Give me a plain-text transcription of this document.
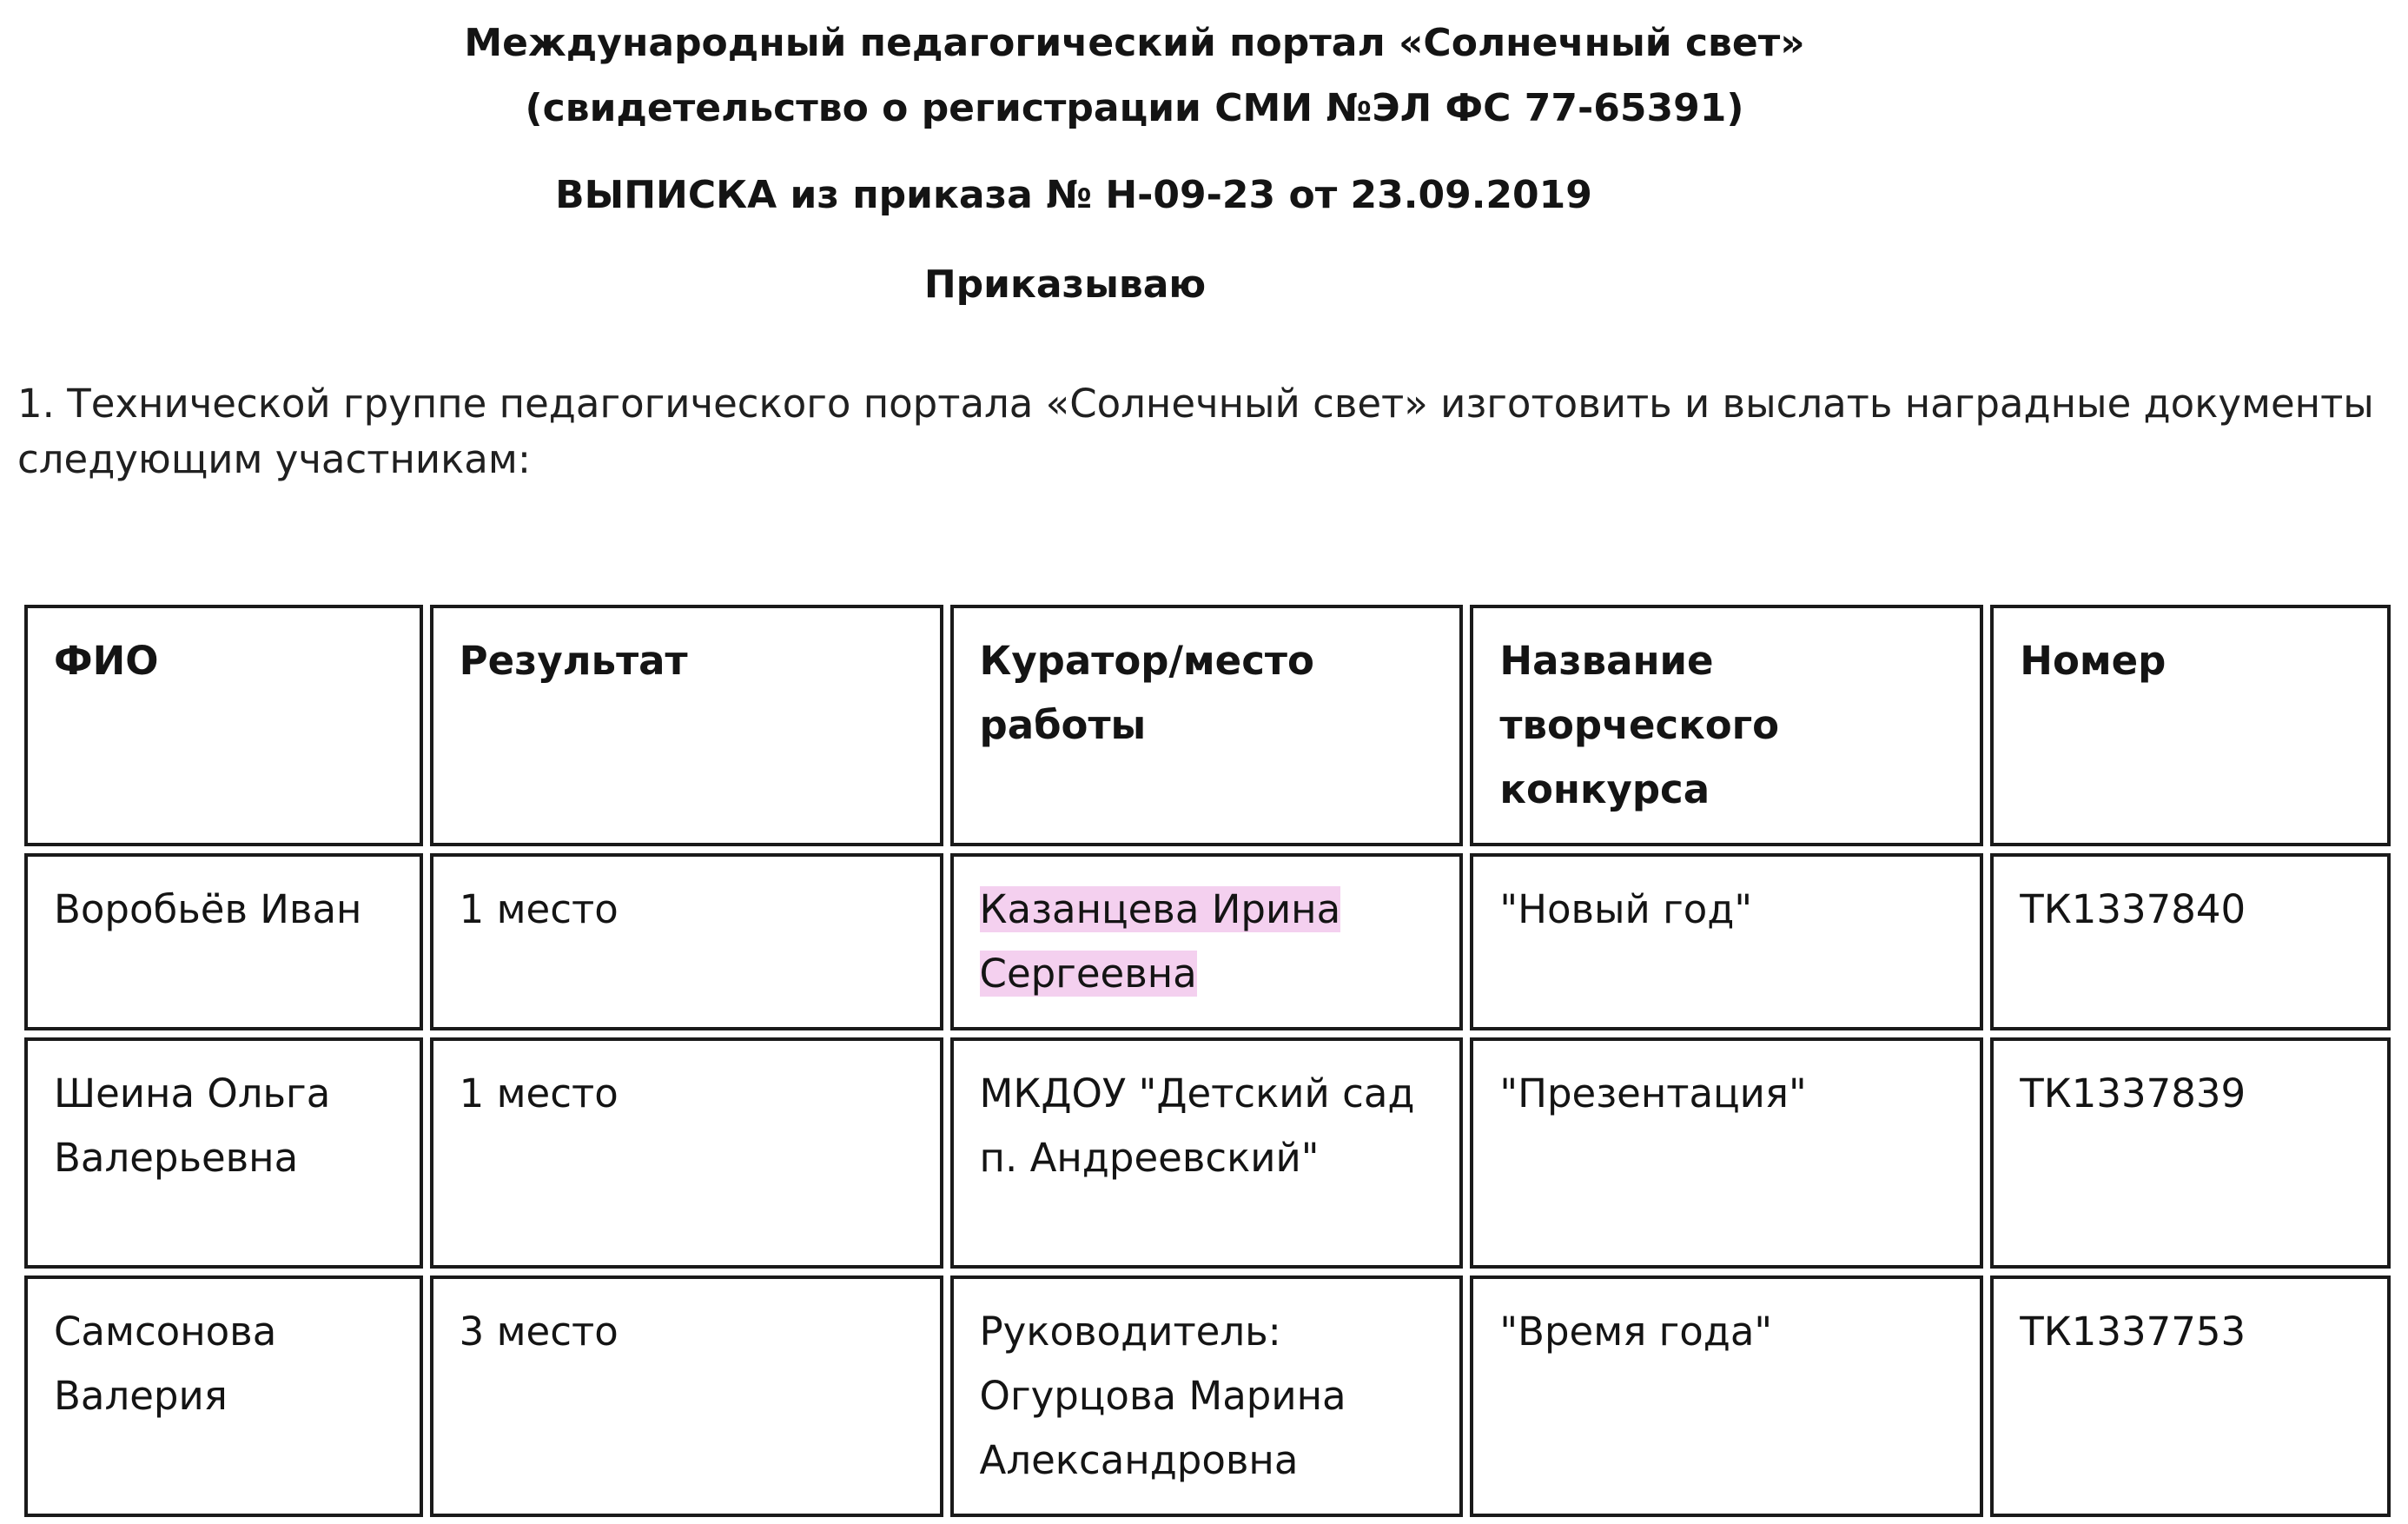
Международный педагогический портал «Солнечный свет»
(свидетельство о регистрации СМИ №ЭЛ ФС 77-65391)
ВЫПИСКА из приказа № Н-09-23 от 23.09.2019
Приказываю
1. Технической группе педагогического портала «Солнечный свет» изготовить и выслать наградные документы следующим участникам:
ФИО	Результат	Куратор/место работы	Название творческого конкурса	Номер
Воробьёв Иван	1 место	Казанцева Ирина Сергеевна	"Новый год"	ТК1337840
Шеина Ольга Валерьевна	1 место	МКДОУ "Детский сад п. Андреевский"	"Презентация"	ТК1337839
Самсонова Валерия	3 место	Руководитель: Огурцова Марина Александровна	"Время года"	ТК1337753
